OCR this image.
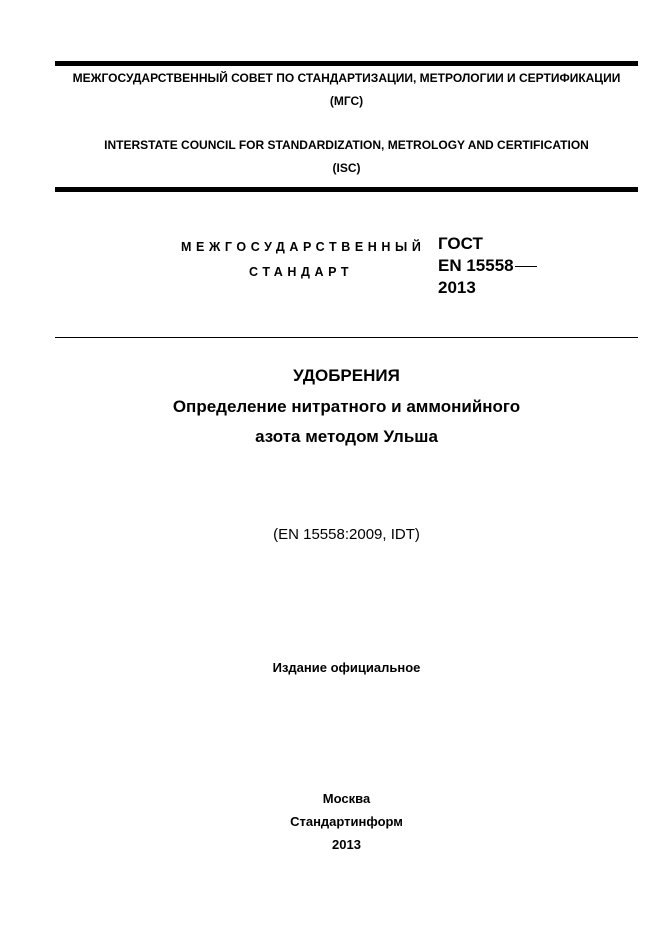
МЕЖГОСУДАРСТВЕННЫЙ СОВЕТ ПО СТАНДАРТИЗАЦИИ, МЕТРОЛОГИИ И СЕРТИФИКАЦИИ
(МГС)
INTERSTATE COUNCIL FOR STANDARDIZATION, METROLOGY AND CERTIFICATION
(ISC)
МЕЖГОСУДАРСТВЕННЫЙ
СТАНДАРТ
ГОСТ
EN 15558
2013
УДОБРЕНИЯ
Определение нитратного и аммонийного
азота методом Ульша
(EN 15558:2009, IDT)
Издание официальное
Москва
Стандартинформ
2013
